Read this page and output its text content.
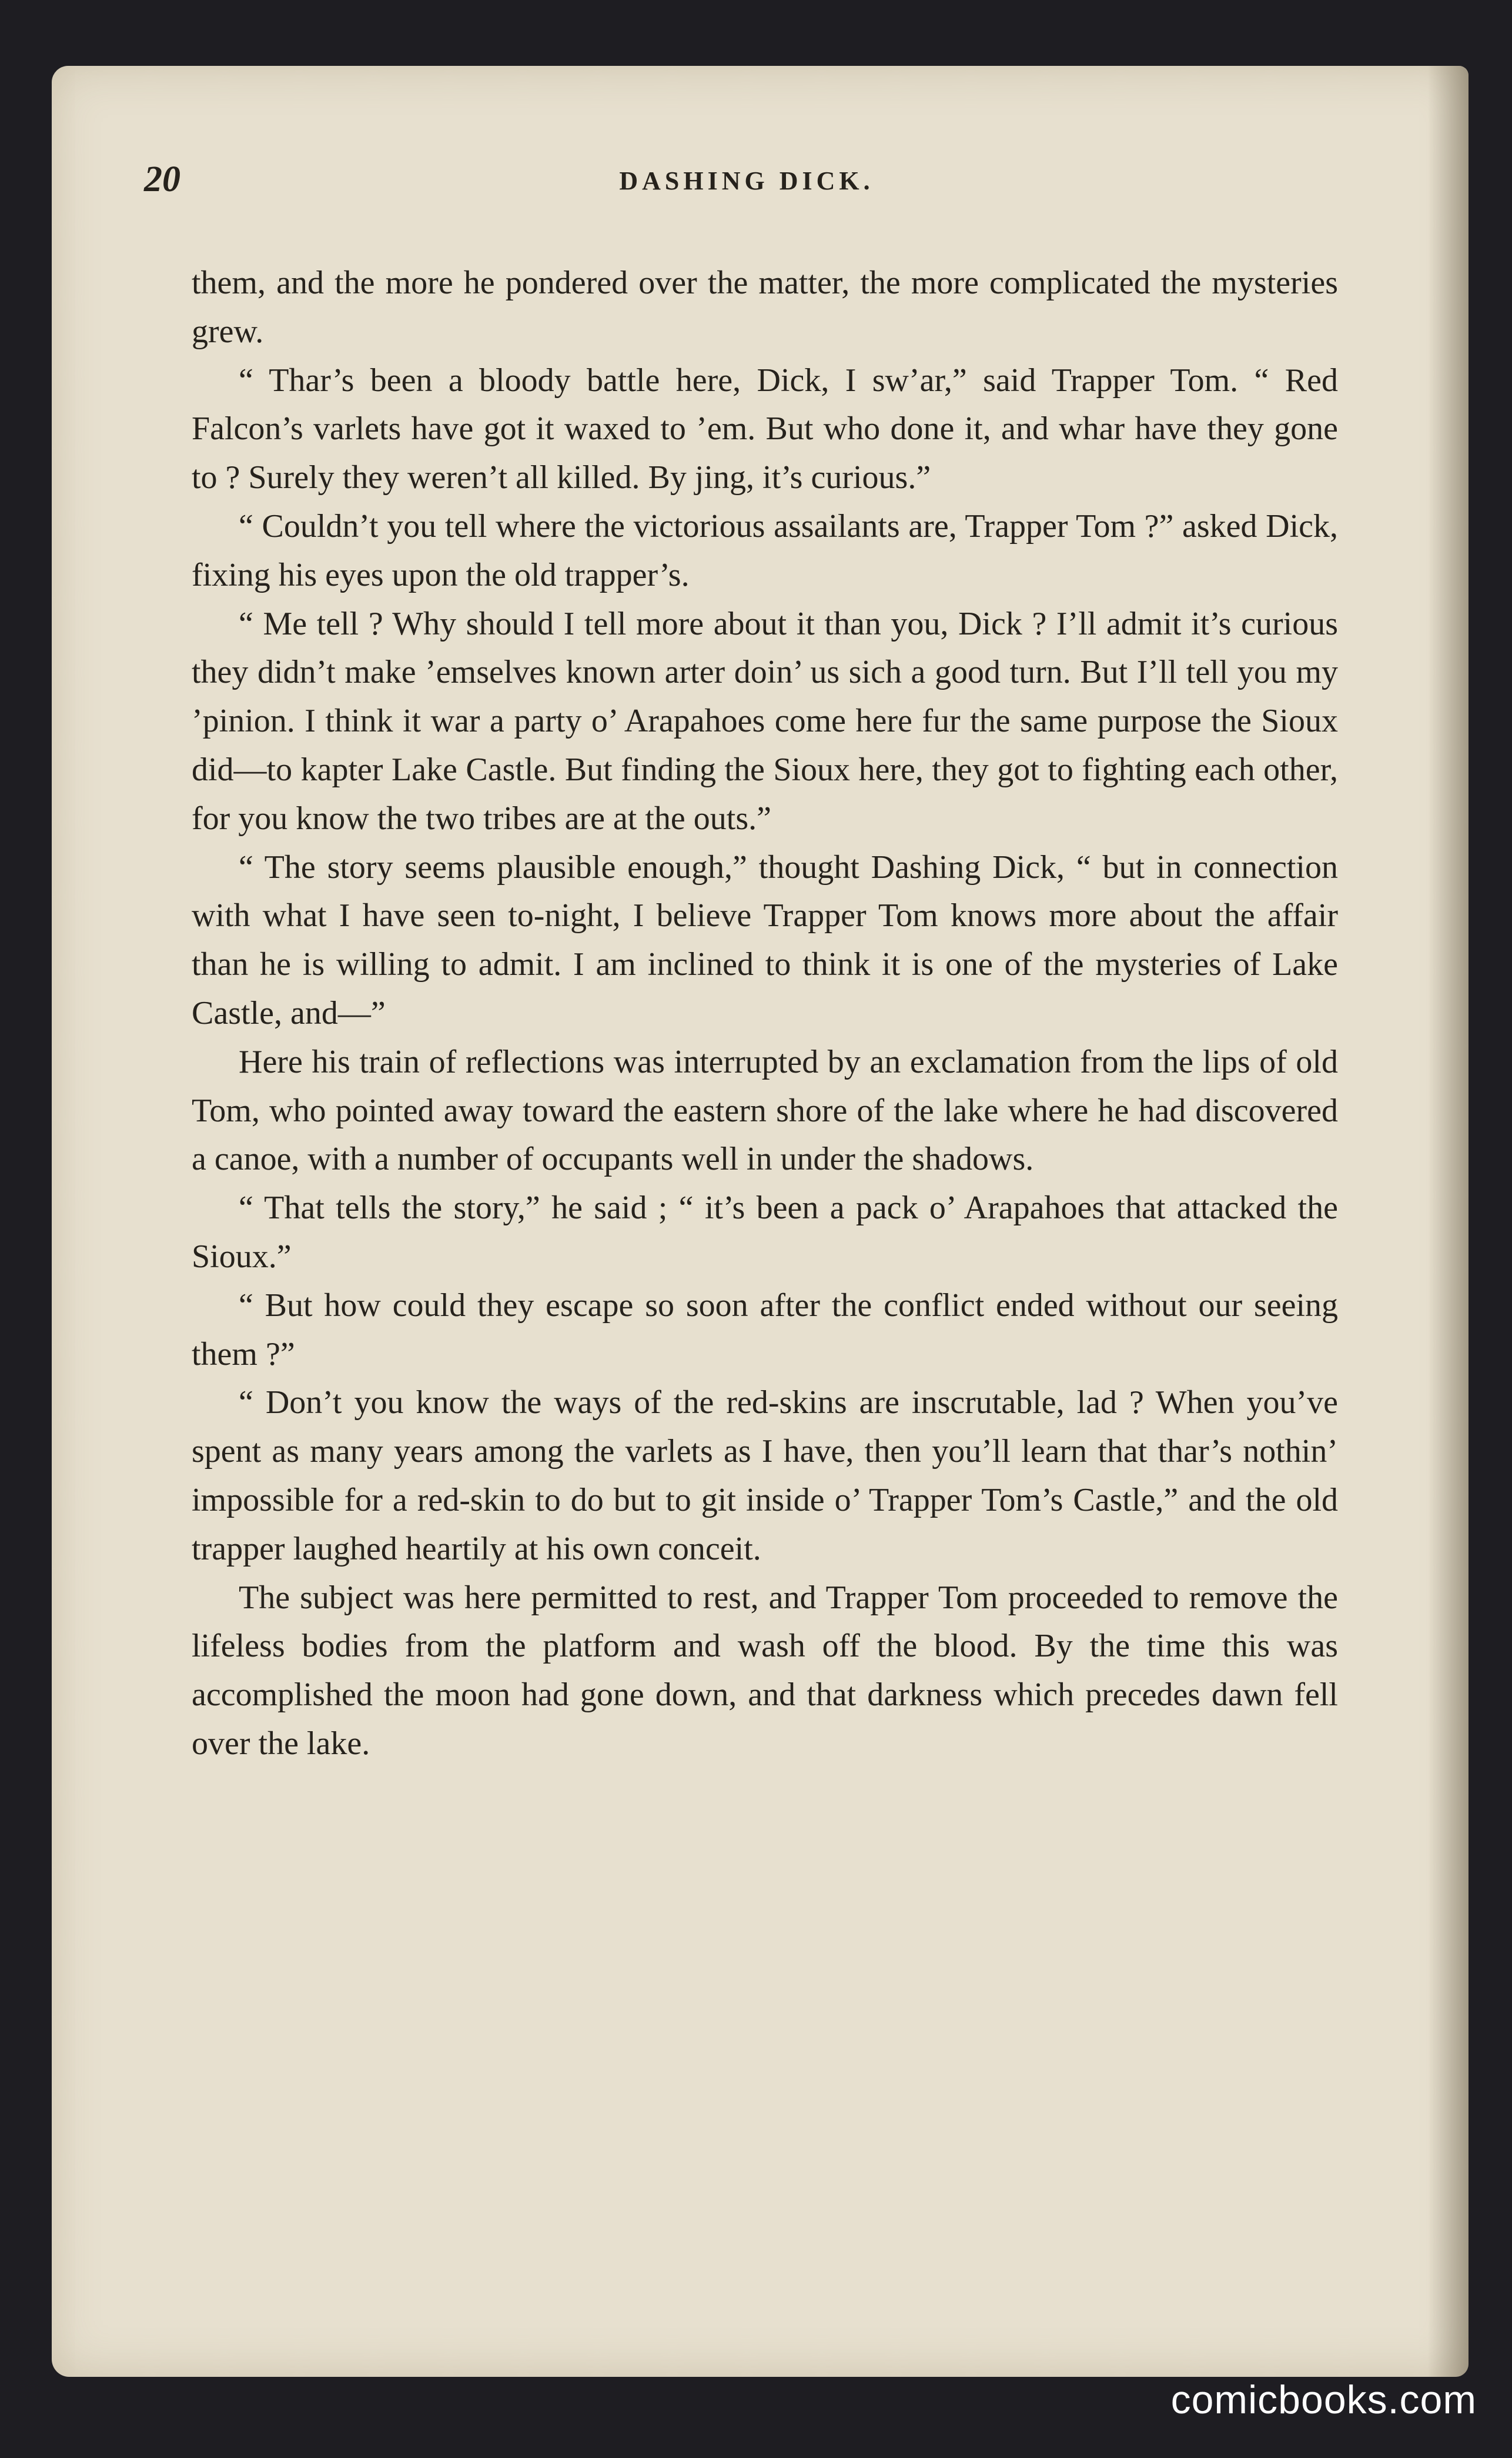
20	DASHING DICK.

them, and the more he pondered over the matter, the more complicated the mysteries grew.

“ Thar’s been a bloody battle here, Dick, I sw’ar,” said Trapper Tom. “ Red Falcon’s varlets have got it waxed to ’em. But who done it, and whar have they gone to ? Surely they weren’t all killed. By jing, it’s curious.”

“ Couldn’t you tell where the victorious assailants are, Trapper Tom ?” asked Dick, fixing his eyes upon the old trapper’s.

“ Me tell ? Why should I tell more about it than you, Dick ? I’ll admit it’s curious they didn’t make ’emselves known arter doin’ us sich a good turn. But I’ll tell you my ’pinion. I think it war a party o’ Arapahoes come here fur the same purpose the Sioux did—to kapter Lake Castle. But finding the Sioux here, they got to fighting each other, for you know the two tribes are at the outs.”

“ The story seems plausible enough,” thought Dashing Dick, “ but in connection with what I have seen to-night, I believe Trapper Tom knows more about the affair than he is willing to admit. I am inclined to think it is one of the mysteries of Lake Castle, and—”

Here his train of reflections was interrupted by an exclamation from the lips of old Tom, who pointed away toward the eastern shore of the lake where he had discovered a canoe, with a number of occupants well in under the shadows.

“ That tells the story,” he said ; “ it’s been a pack o’ Arapahoes that attacked the Sioux.”

“ But how could they escape so soon after the conflict ended without our seeing them ?”

“ Don’t you know the ways of the red-skins are inscrutable, lad ? When you’ve spent as many years among the varlets as I have, then you’ll learn that thar’s nothin’ impossible for a red-skin to do but to git inside o’ Trapper Tom’s Castle,” and the old trapper laughed heartily at his own conceit.

The subject was here permitted to rest, and Trapper Tom proceeded to remove the lifeless bodies from the platform and wash off the blood. By the time this was accomplished the moon had gone down, and that darkness which precedes dawn fell over the lake.

comicbooks.com
